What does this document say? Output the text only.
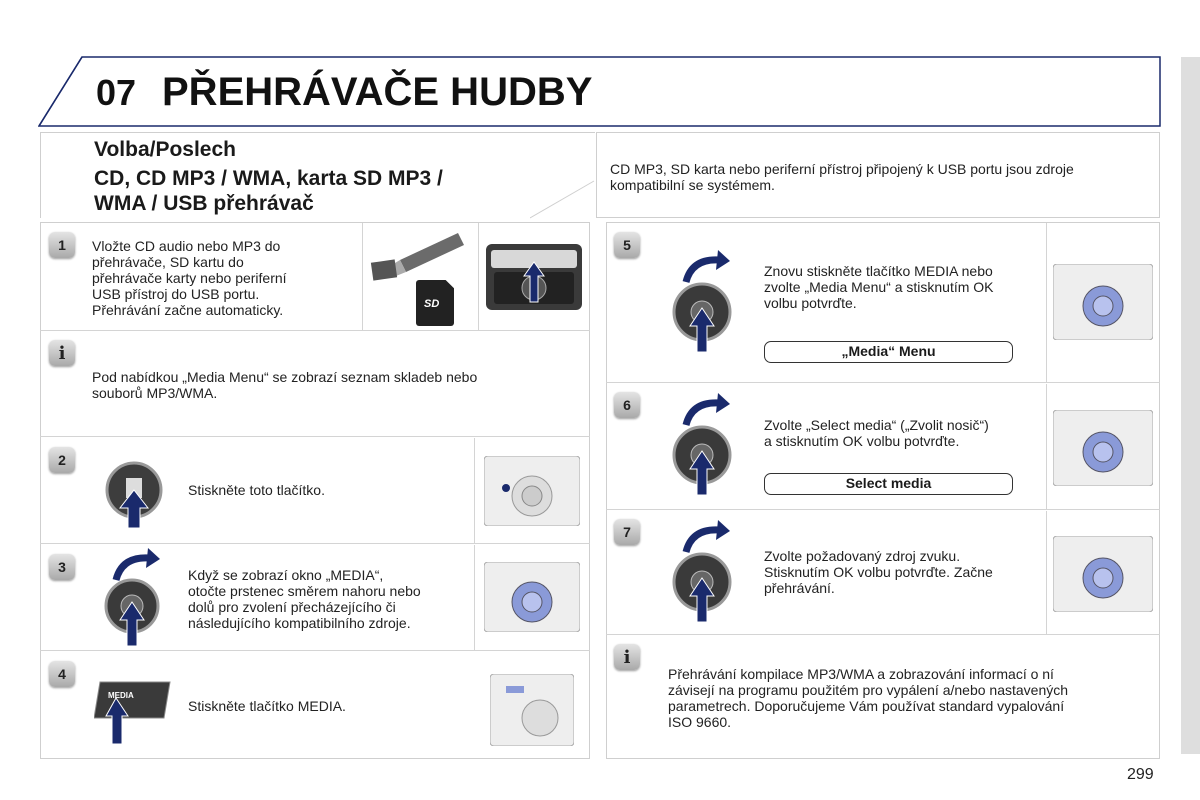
07 PŘEHRÁVAČE HUDBY
Volba/Poslech
CD, CD MP3 / WMA, karta SD MP3 /
WMA / USB přehrávač
CD MP3, SD karta nebo periferní přístroj připojený k USB portu jsou zdroje kompatibilní se systémem.
1	Vložte CD audio nebo MP3 do
přehrávače, SD kartu do
přehrávače karty nebo periferní
USB přístroj do USB portu.
Přehrávání začne automaticky.	SD
i
Pod nabídkou „Media Menu“ se zobrazí seznam skladeb nebo
souborů MP3/WMA.
2
Stiskněte toto tlačítko.
3	Když se zobrazí okno „MEDIA“,
otočte prstenec směrem nahoru nebo
dolů pro zvolení přecházejícího či
následujícího kompatibilního zdroje.
4
MEDIA
Stiskněte tlačítko MEDIA.
5
Znovu stiskněte tlačítko MEDIA nebo
zvolte „Media Menu“ a stisknutím OK
volbu potvrďte.
„Media“ Menu
6
Zvolte „Select media“ („Zvolit nosič“)
a stisknutím OK volbu potvrďte.
Select media
7
Zvolte požadovaný zdroj zvuku.
Stisknutím OK volbu potvrďte. Začne
přehrávání.
i
Přehrávání kompilace MP3/WMA a zobrazování informací o ní
závisejí na programu použitém pro vypálení a/nebo nastavených
parametrech. Doporučujeme Vám používat standard vypalování
ISO 9660.
299
